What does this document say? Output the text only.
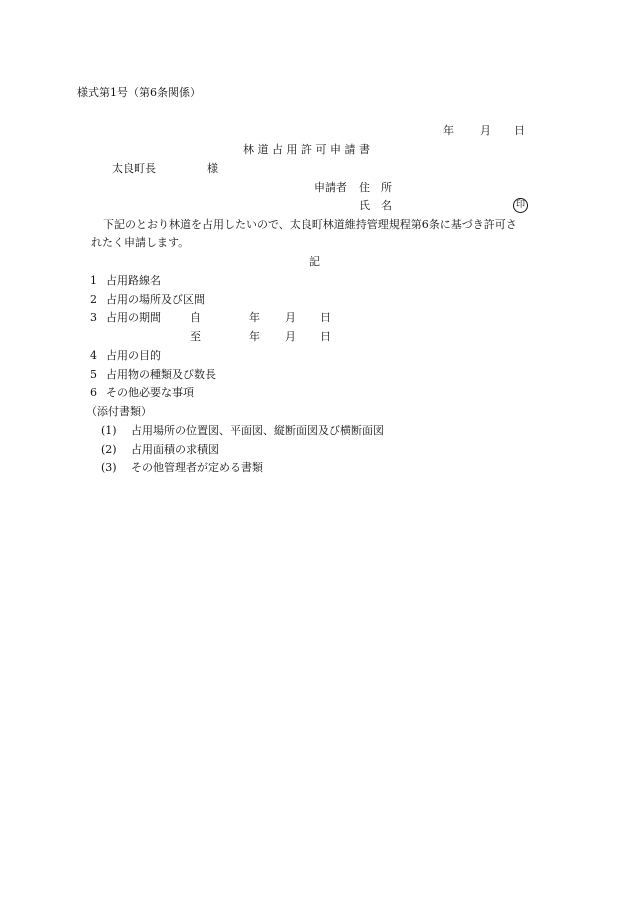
様式第1号（第6条関係）
年 月 日
林 道 占 用 許 可 申 請 書
太良町長	様
申請者 住　所
氏　名	印
下記のとおり林道を占用したいので、太良町林道維持管理規程第6条に基づき許可さ
れたく申請します。
記
1 占用路線名
2 占用の場所及び区間
3 占用の期間	自	年 月 日
至	年 月 日
4 占用の目的
5 占用物の種類及び数長
6 その他必要な事項
（添付書類）
(1) 占用場所の位置図、平面図、縦断面図及び横断面図
(2) 占用面積の求積図
(3) その他管理者が定める書類
